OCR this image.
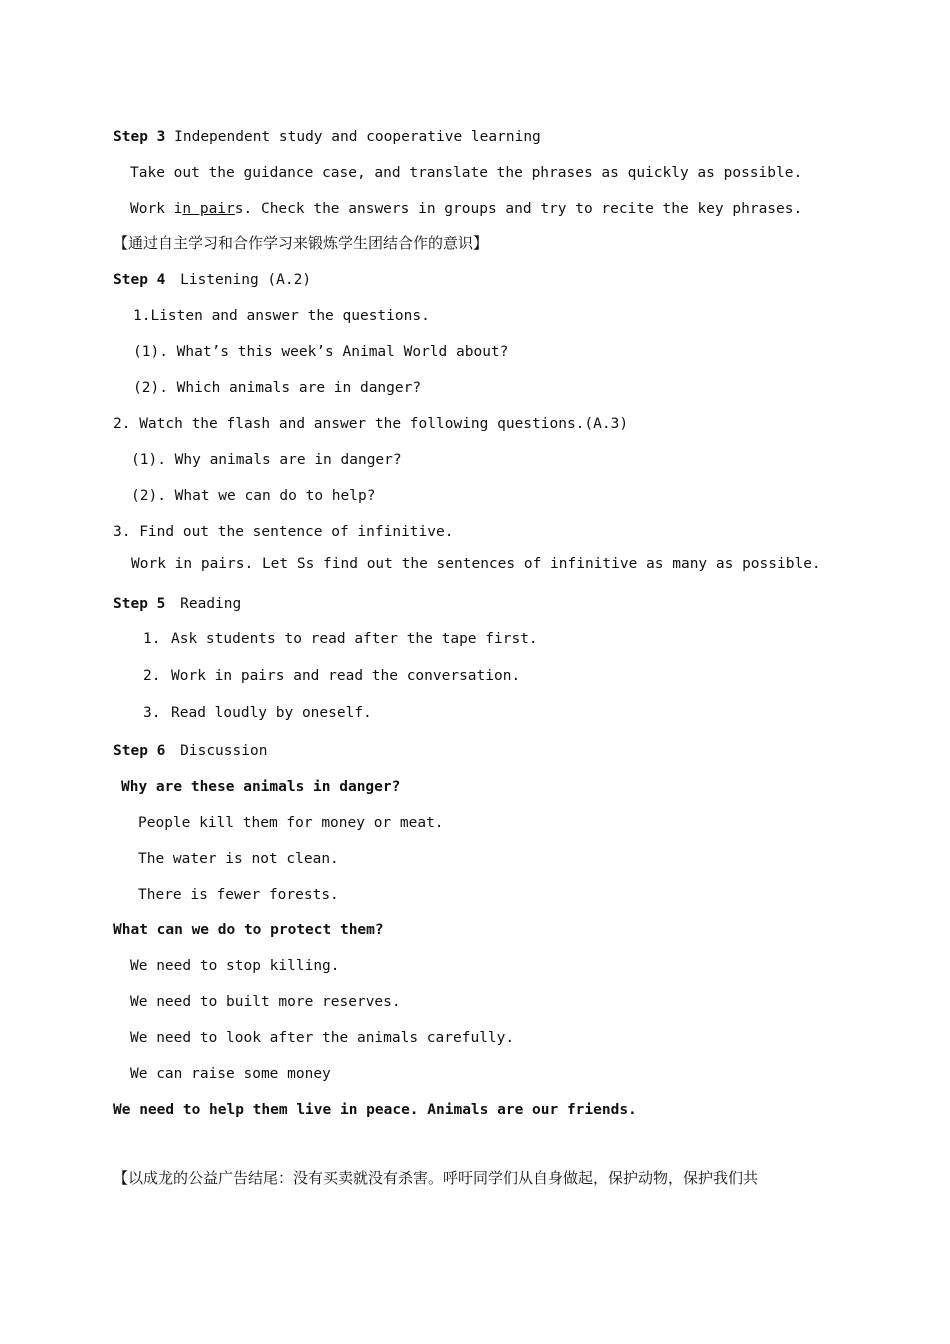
Step 3 Independent study and cooperative learning
Take out the guidance case, and translate the phrases as quickly as possible.
Work in pairs. Check the answers in groups and try to recite the key phrases.
【通过自主学习和合作学习来锻炼学生团结合作的意识】
Step 4 Listening (A.2)
1.Listen and answer the questions.
(1). What’s this week’s Animal World about?
(2). Which animals are in danger?
2. Watch the flash and answer the following questions.(A.3)
(1). Why animals are in danger?
(2). What we can do to help?
3. Find out the sentence of infinitive.
Work in pairs. Let Ss find out the sentences of infinitive as many as possible.
Step 5 Reading
1. Ask students to read after the tape first.
2. Work in pairs and read the conversation.
3. Read loudly by oneself.
Step 6 Discussion
Why are these animals in danger?
People kill them for money or meat.
The water is not clean.
There is fewer forests.
What can we do to protect them?
We need to stop killing.
We need to built more reserves.
We need to look after the animals carefully.
We can raise some money
We need to help them live in peace. Animals are our friends.
【以成龙的公益广告结尾：没有买卖就没有杀害。呼吁同学们从自身做起，保护动物，保护我们共
